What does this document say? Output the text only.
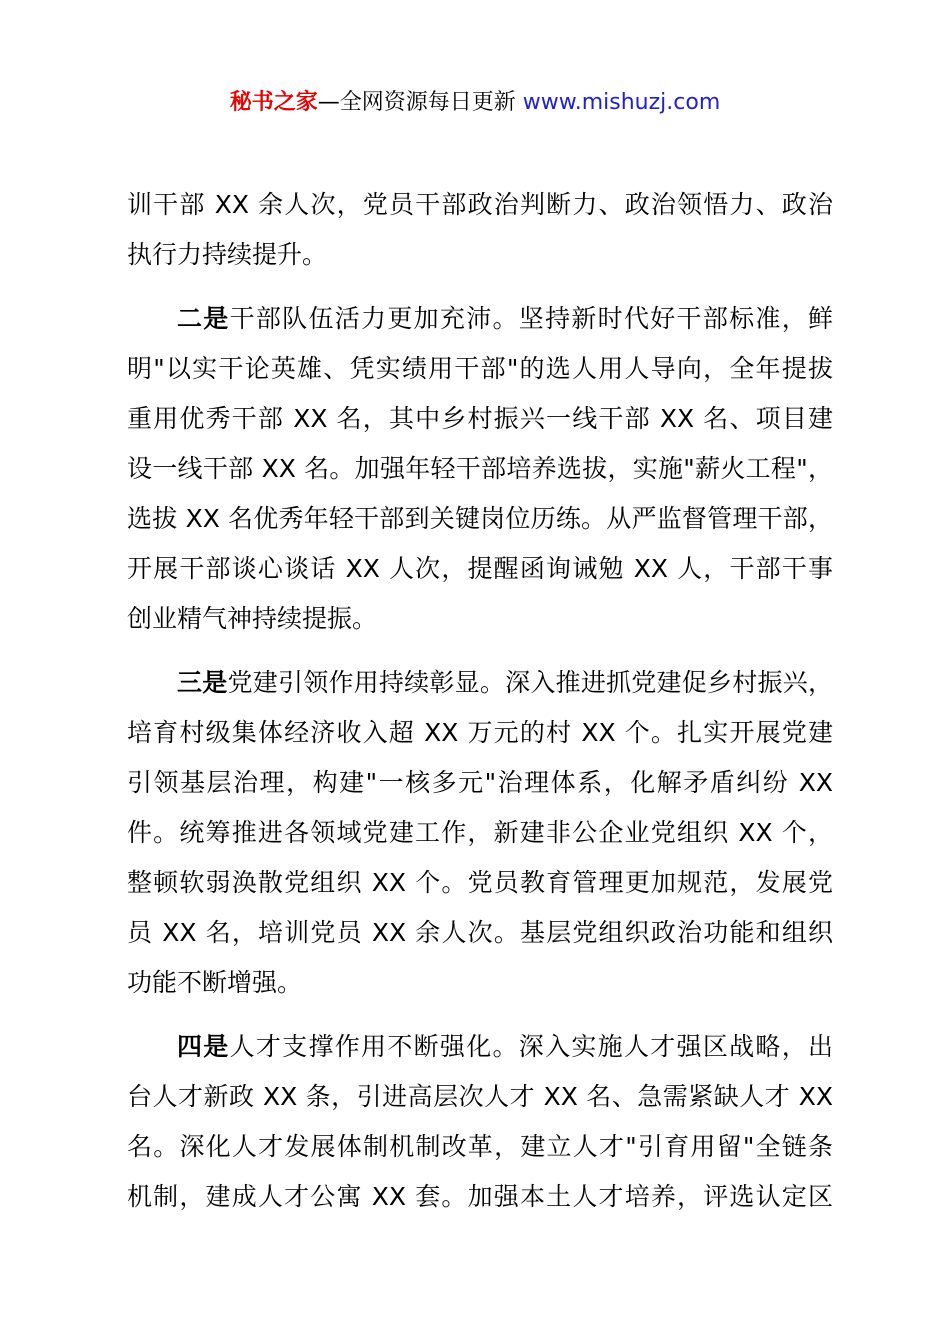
秘书之家—全网资源每日更新 www.mishuzj.com
训干部 XX 余人次，党员干部政治判断力、政治领悟力、政治
执行力持续提升。
二是干部队伍活力更加充沛。坚持新时代好干部标准，鲜
明"以实干论英雄、凭实绩用干部"的选人用人导向，全年提拔
重用优秀干部 XX 名，其中乡村振兴一线干部 XX 名、项目建
设一线干部 XX 名。加强年轻干部培养选拔，实施"薪火工程"，
选拔 XX 名优秀年轻干部到关键岗位历练。从严监督管理干部，
开展干部谈心谈话 XX 人次，提醒函询诫勉 XX 人，干部干事
创业精气神持续提振。
三是党建引领作用持续彰显。深入推进抓党建促乡村振兴，
培育村级集体经济收入超 XX 万元的村 XX 个。扎实开展党建
引领基层治理，构建"一核多元"治理体系，化解矛盾纠纷 XX
件。统筹推进各领域党建工作，新建非公企业党组织 XX 个，
整顿软弱涣散党组织 XX 个。党员教育管理更加规范，发展党
员 XX 名，培训党员 XX 余人次。基层党组织政治功能和组织
功能不断增强。
四是人才支撑作用不断强化。深入实施人才强区战略，出
台人才新政 XX 条，引进高层次人才 XX 名、急需紧缺人才 XX
名。深化人才发展体制机制改革，建立人才"引育用留"全链条
机制，建成人才公寓 XX 套。加强本土人才培养，评选认定区
